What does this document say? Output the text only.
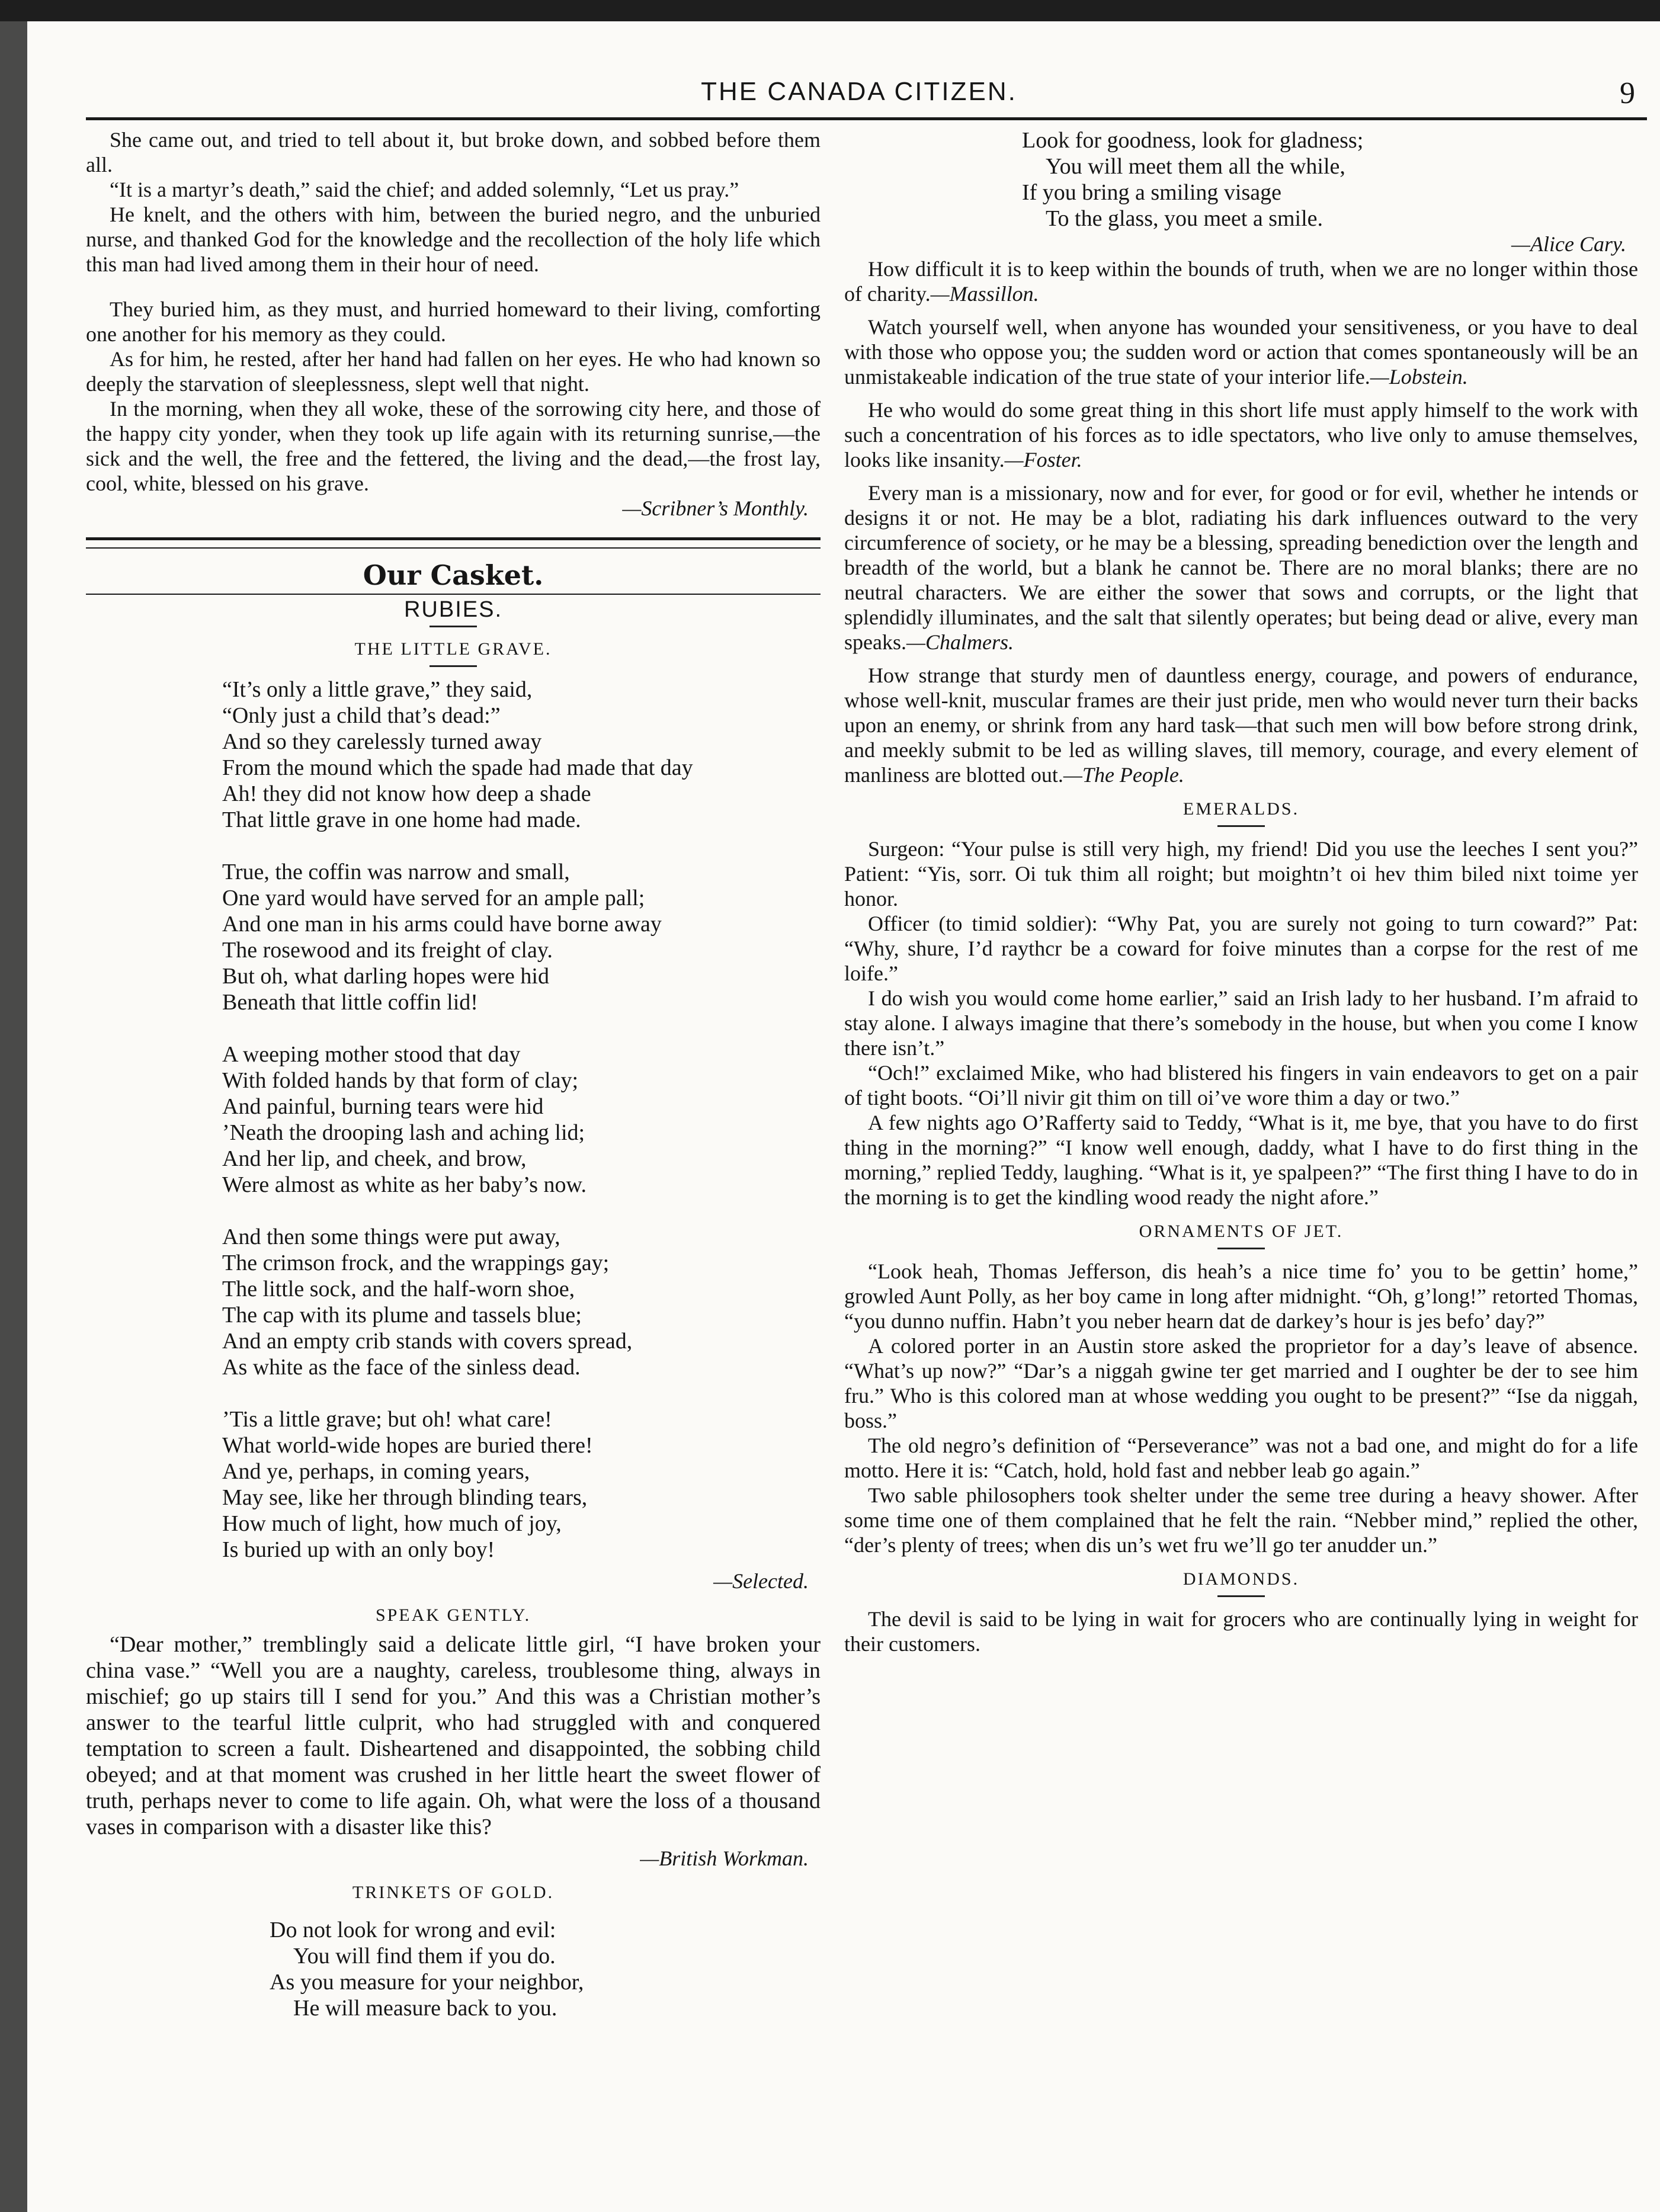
THE CANADA CITIZEN.	9

She came out, and tried to tell about it, but broke down, and sobbed before them all.

“It is a martyr’s death,” said the chief; and added solemnly, “Let us pray.”

He knelt, and the others with him, between the buried negro, and the unburied nurse, and thanked God for the knowledge and the recollection of the holy life which this man had lived among them in their hour of need.

They buried him, as they must, and hurried homeward to their living, comforting one another for his memory as they could.

As for him, he rested, after her hand had fallen on her eyes. He who had known so deeply the starvation of sleeplessness, slept well that night.

In the morning, when they all woke, these of the sorrowing city here, and those of the happy city yonder, when they took up life again with its returning sunrise,—the sick and the well, the free and the fettered, the living and the dead,—the frost lay, cool, white, blessed on his grave.

—Scribner’s Monthly.

Our Casket.
RUBIES.
THE LITTLE GRAVE.
“It’s only a little grave,” they said,
“Only just a child that’s dead:”
And so they carelessly turned away
From the mound which the spade had made that day
Ah! they did not know how deep a shade
That little grave in one home had made.
True, the coffin was narrow and small,
One yard would have served for an ample pall;
And one man in his arms could have borne away
The rosewood and its freight of clay.
But oh, what darling hopes were hid
Beneath that little coffin lid!
A weeping mother stood that day
With folded hands by that form of clay;
And painful, burning tears were hid
’Neath the drooping lash and aching lid;
And her lip, and cheek, and brow,
Were almost as white as her baby’s now.
And then some things were put away,
The crimson frock, and the wrappings gay;
The little sock, and the half-worn shoe,
The cap with its plume and tassels blue;
And an empty crib stands with covers spread,
As white as the face of the sinless dead.
’Tis a little grave; but oh! what care!
What world-wide hopes are buried there!
And ye, perhaps, in coming years,
May see, like her through blinding tears,
How much of light, how much of joy,
Is buried up with an only boy!

—Selected.

SPEAK GENTLY.

“Dear mother,” tremblingly said a delicate little girl, “I have broken your china vase.” “Well you are a naughty, careless, troublesome thing, always in mischief; go up stairs till I send for you.” And this was a Christian mother’s answer to the tearful little culprit, who had struggled with and conquered temptation to screen a fault. Disheartened and disappointed, the sobbing child obeyed; and at that moment was crushed in her little heart the sweet flower of truth, perhaps never to come to life again. Oh, what were the loss of a thousand vases in comparison with a disaster like this?

—British Workman.

TRINKETS OF GOLD.
Do not look for wrong and evil:
You will find them if you do.
As you measure for your neighbor,
He will measure back to you.
Look for goodness, look for gladness;
You will meet them all the while,
If you bring a smiling visage
To the glass, you meet a smile.

—Alice Cary.

How difficult it is to keep within the bounds of truth, when we are no longer within those of charity.—Massillon.

Watch yourself well, when anyone has wounded your sensitiveness, or you have to deal with those who oppose you; the sudden word or action that comes spontaneously will be an unmistakeable indication of the true state of your interior life.—Lobstein.

He who would do some great thing in this short life must apply himself to the work with such a concentration of his forces as to idle spectators, who live only to amuse themselves, looks like insanity.—Foster.

Every man is a missionary, now and for ever, for good or for evil, whether he intends or designs it or not. He may be a blot, radiating his dark influences outward to the very circumference of society, or he may be a blessing, spreading benediction over the length and breadth of the world, but a blank he cannot be. There are no moral blanks; there are no neutral characters. We are either the sower that sows and corrupts, or the light that splendidly illuminates, and the salt that silently operates; but being dead or alive, every man speaks.—Chalmers.

How strange that sturdy men of dauntless energy, courage, and powers of endurance, whose well-knit, muscular frames are their just pride, men who would never turn their backs upon an enemy, or shrink from any hard task—that such men will bow before strong drink, and meekly submit to be led as willing slaves, till memory, courage, and every element of manliness are blotted out.—The People.

EMERALDS.

Surgeon: “Your pulse is still very high, my friend! Did you use the leeches I sent you?” Patient: “Yis, sorr. Oi tuk thim all roight; but moightn’t oi hev thim biled nixt toime yer honor.

Officer (to timid soldier): “Why Pat, you are surely not going to turn coward?” Pat: “Why, shure, I’d raythcr be a coward for foive minutes than a corpse for the rest of me loife.”

I do wish you would come home earlier,” said an Irish lady to her husband. I’m afraid to stay alone. I always imagine that there’s somebody in the house, but when you come I know there isn’t.”

“Och!” exclaimed Mike, who had blistered his fingers in vain endeavors to get on a pair of tight boots. “Oi’ll nivir git thim on till oi’ve wore thim a day or two.”

A few nights ago O’Rafferty said to Teddy, “What is it, me bye, that you have to do first thing in the morning?” “I know well enough, daddy, what I have to do first thing in the morning,” replied Teddy, laughing. “What is it, ye spalpeen?” “The first thing I have to do in the morning is to get the kindling wood ready the night afore.”

ORNAMENTS OF JET.

“Look heah, Thomas Jefferson, dis heah’s a nice time fo’ you to be gettin’ home,” growled Aunt Polly, as her boy came in long after midnight. “Oh, g’long!” retorted Thomas, “you dunno nuffin. Habn’t you neber hearn dat de darkey’s hour is jes befo’ day?”

A colored porter in an Austin store asked the proprietor for a day’s leave of absence. “What’s up now?” “Dar’s a niggah gwine ter get married and I oughter be der to see him fru.” Who is this colored man at whose wedding you ought to be present?” “Ise da niggah, boss.”

The old negro’s definition of “Perseverance” was not a bad one, and might do for a life motto. Here it is: “Catch, hold, hold fast and nebber leab go again.”

Two sable philosophers took shelter under the seme tree during a heavy shower. After some time one of them complained that he felt the rain. “Nebber mind,” replied the other, “der’s plenty of trees; when dis un’s wet fru we’ll go ter anudder un.”

DIAMONDS.

The devil is said to be lying in wait for grocers who are continually lying in weight for their customers.
